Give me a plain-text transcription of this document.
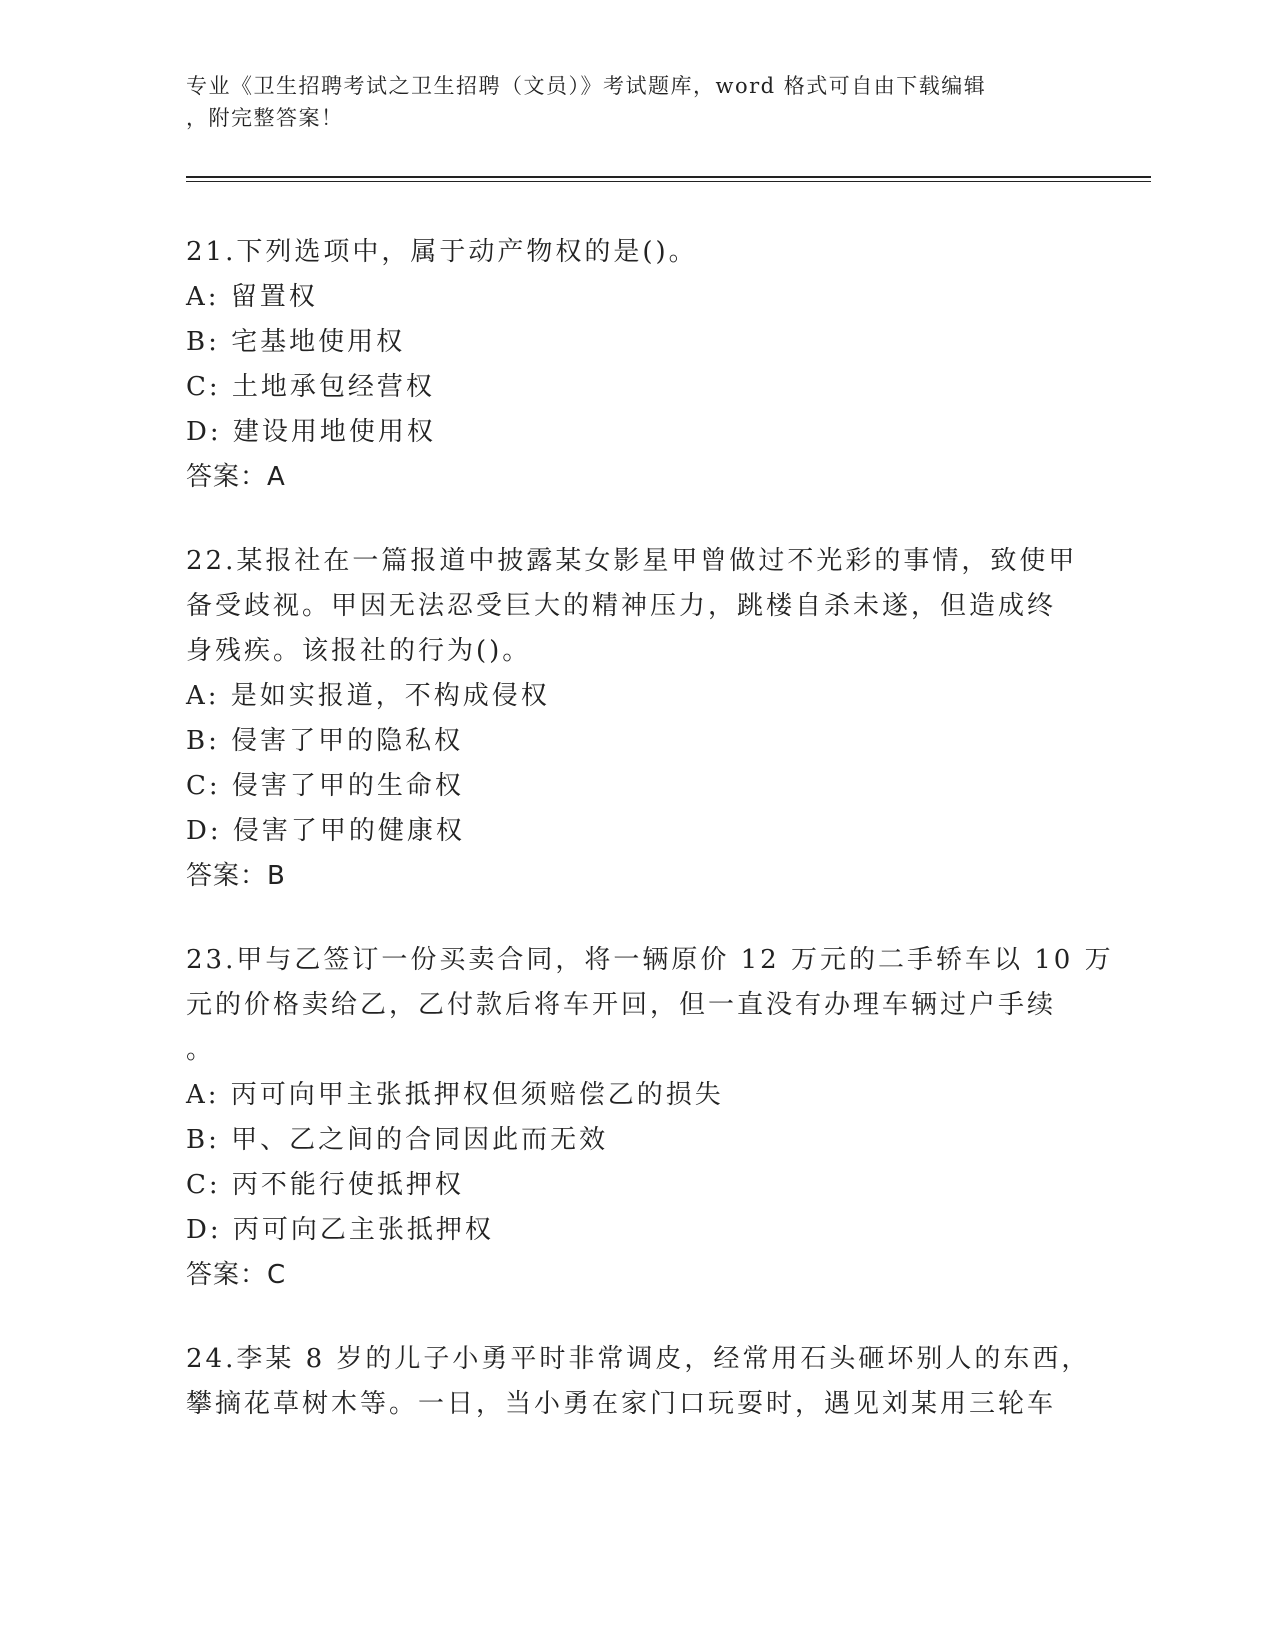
专业《卫生招聘考试之卫生招聘（文员）》考试题库，word 格式可自由下载编辑
，附完整答案！
21.下列选项中，属于动产物权的是()。
A: 留置权
B: 宅基地使用权
C: 土地承包经营权
D: 建设用地使用权
答案：A
22.某报社在一篇报道中披露某女影星甲曾做过不光彩的事情，致使甲
备受歧视。甲因无法忍受巨大的精神压力，跳楼自杀未遂，但造成终
身残疾。该报社的行为()。
A: 是如实报道，不构成侵权
B: 侵害了甲的隐私权
C: 侵害了甲的生命权
D: 侵害了甲的健康权
答案：B
23.甲与乙签订一份买卖合同，将一辆原价 12 万元的二手轿车以 10 万
元的价格卖给乙，乙付款后将车开回，但一直没有办理车辆过户手续
。
A: 丙可向甲主张抵押权但须赔偿乙的损失
B: 甲、乙之间的合同因此而无效
C: 丙不能行使抵押权
D: 丙可向乙主张抵押权
答案：C
24.李某 8 岁的儿子小勇平时非常调皮，经常用石头砸坏别人的东西，
攀摘花草树木等。一日，当小勇在家门口玩耍时，遇见刘某用三轮车
